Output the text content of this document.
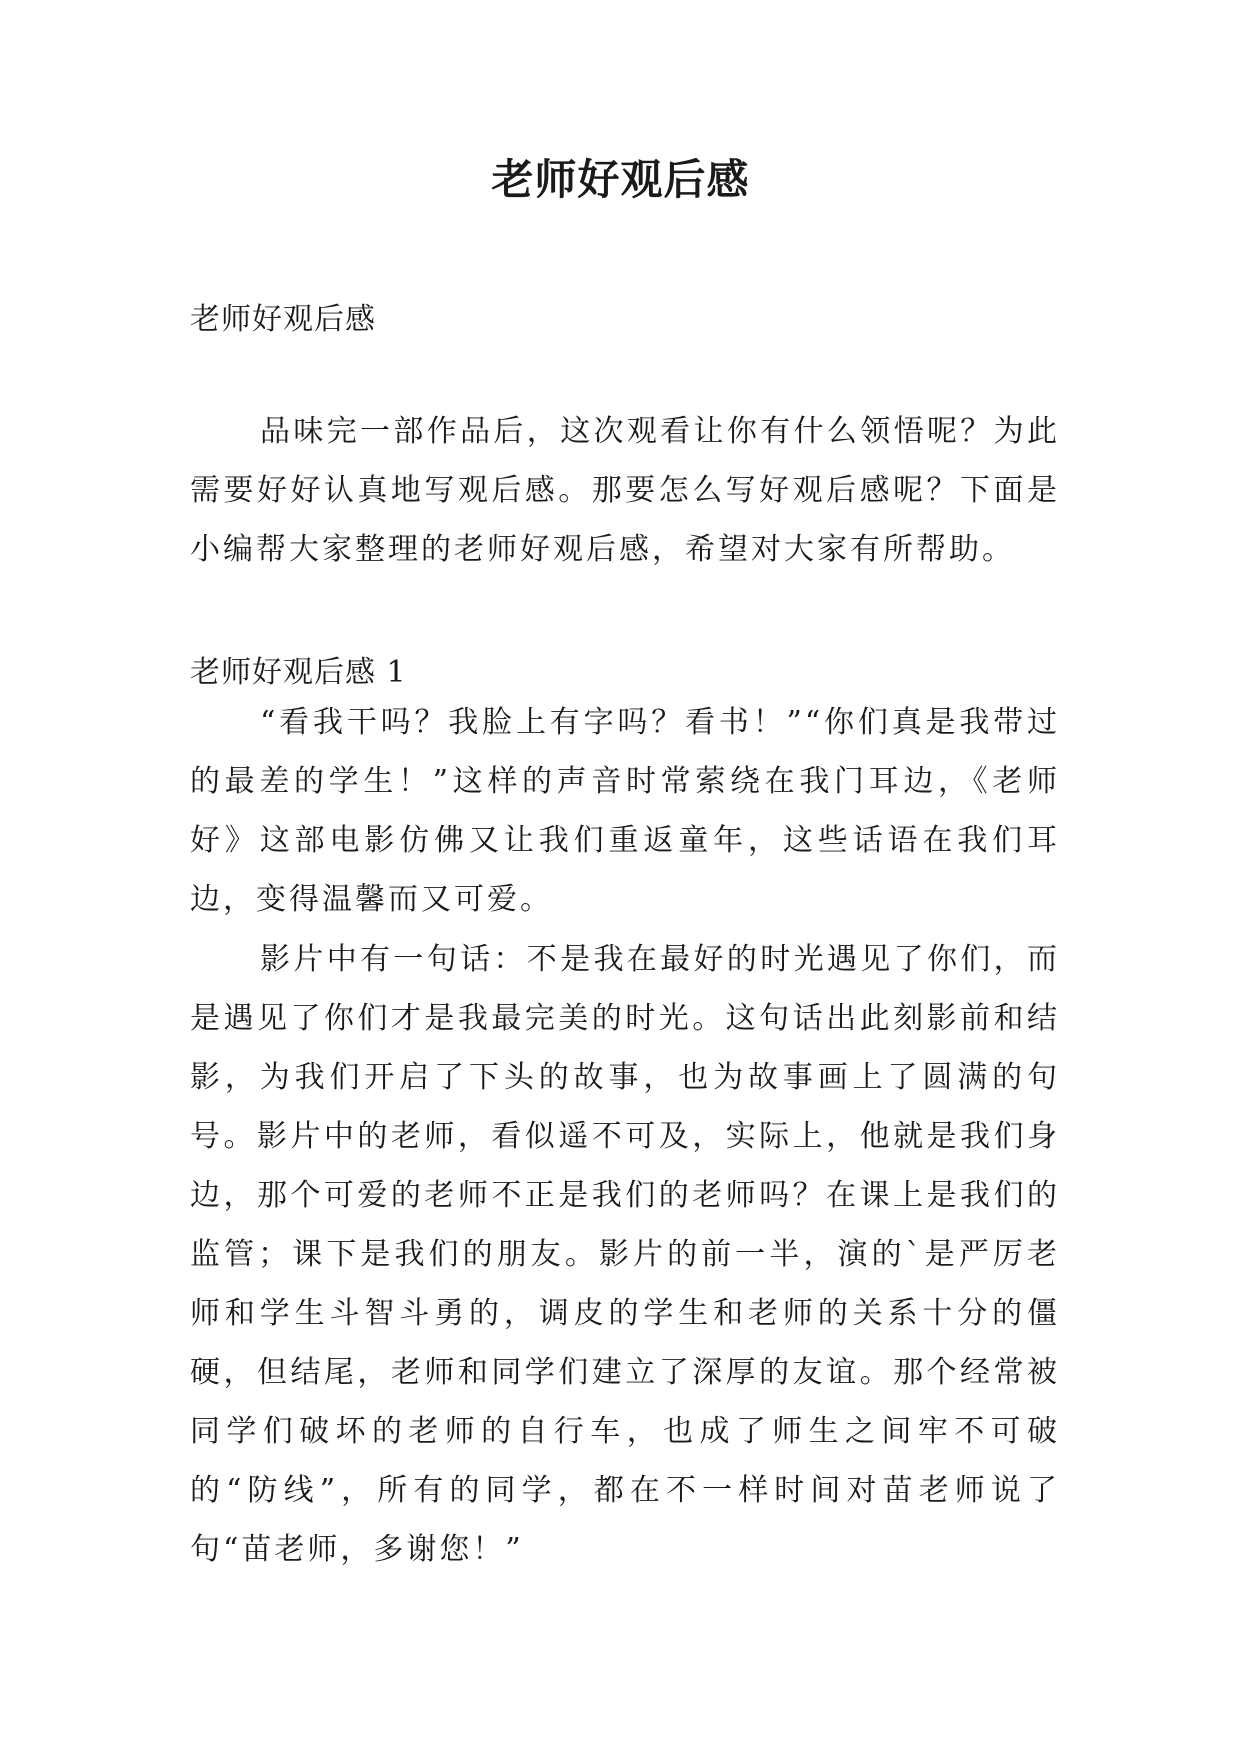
老师好观后感

老师好观后感

品味完一部作品后，这次观看让你有什么领悟呢？为此需要好好认真地写观后感。那要怎么写好观后感呢？下面是小编帮大家整理的老师好观后感，希望对大家有所帮助。

老师好观后感 1

“看我干吗？我脸上有字吗？看书！”“你们真是我带过的最差的学生！”这样的声音时常萦绕在我门耳边，《老师好》这部电影仿佛又让我们重返童年，这些话语在我们耳边，变得温馨而又可爱。

影片中有一句话：不是我在最好的时光遇见了你们，而是遇见了你们才是我最完美的时光。这句话出此刻影前和结影，为我们开启了下头的故事，也为故事画上了圆满的句号。影片中的老师，看似遥不可及，实际上，他就是我们身边，那个可爱的老师不正是我们的老师吗？在课上是我们的监管；课下是我们的朋友。影片的前一半，演的`是严厉老师和学生斗智斗勇的，调皮的学生和老师的关系十分的僵硬，但结尾，老师和同学们建立了深厚的友谊。那个经常被同学们破坏的老师的自行车，也成了师生之间牢不可破的“防线”，所有的同学，都在不一样时间对苗老师说了句“苗老师，多谢您！”
